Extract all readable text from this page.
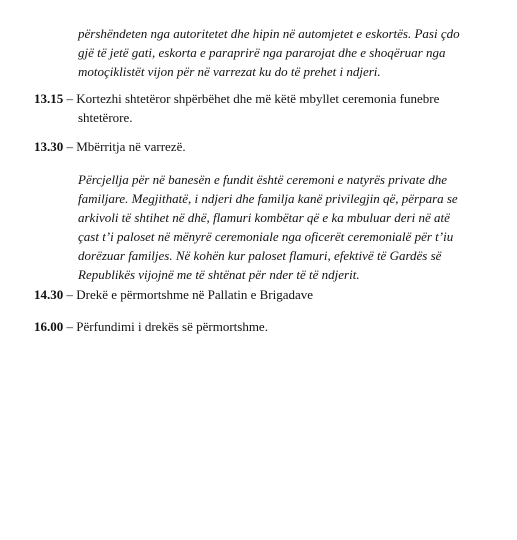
përshëndeten nga autoritetet dhe hipin në automjetet e eskortës. Pasi çdo
gjë të jetë gati, eskorta e paraprirë nga pararojat dhe e shoqëruar nga
motoçiklistët vijon për në varrezat ku do të prehet i ndjeri.

13.15 – Kortezhi shtetëror shpërbëhet dhe më këtë mbyllet ceremonia funebre
shtetërore.

13.30 – Mbërritja në varrezë.

Përcjellja për në banesën e fundit është ceremoni e natyrës private dhe
familjare. Megjithatë, i ndjeri dhe familja kanë privilegjin që, përpara se
arkivoli të shtihet në dhë, flamuri kombëtar që e ka mbuluar deri në atë
çast t’i paloset në mënyrë ceremoniale nga oficerët ceremonialë për t’iu
dorëzuar familjes. Në kohën kur paloset flamuri, efektivë të Gardës së
Republikës vijojnë me të shtënat për nder të të ndjerit.

14.30 – Drekë e përmortshme në Pallatin e Brigadave

16.00 – Përfundimi i drekës së përmortshme.
